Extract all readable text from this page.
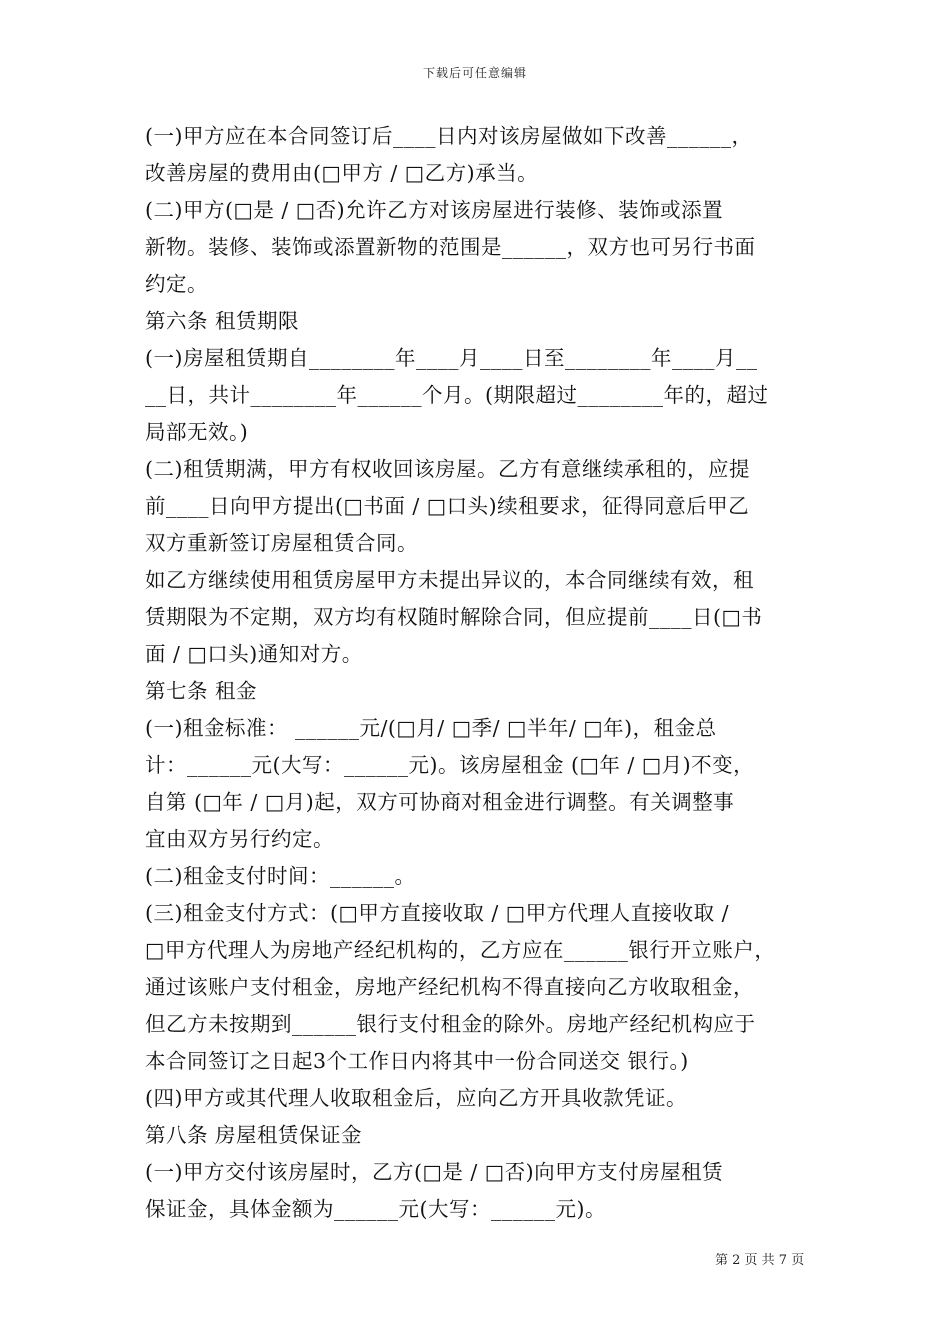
下载后可任意编辑
(一)甲方应在本合同签订后____日内对该房屋做如下改善______，
改善房屋的费用由(□甲方 / □乙方)承当。
(二)甲方(□是 / □否)允许乙方对该房屋进行装修、装饰或添置
新物。装修、装饰或添置新物的范围是______，双方也可另行书面
约定。
第六条 租赁期限
(一)房屋租赁期自________年____月____日至________年____月__
__日，共计________年______个月。(期限超过________年的，超过
局部无效。)
(二)租赁期满，甲方有权收回该房屋。乙方有意继续承租的，应提
前____日向甲方提出(□书面 / □口头)续租要求，征得同意后甲乙
双方重新签订房屋租赁合同。
如乙方继续使用租赁房屋甲方未提出异议的，本合同继续有效，租
赁期限为不定期，双方均有权随时解除合同，但应提前____日(□书
面 / □口头)通知对方。
第七条 租金
(一)租金标准： ______元/(□月/ □季/ □半年/ □年)，租金总
计：______元(大写：______元)。该房屋租金 (□年 / □月)不变，
自第 (□年 / □月)起，双方可协商对租金进行调整。有关调整事
宜由双方另行约定。
(二)租金支付时间：______。
(三)租金支付方式：(□甲方直接收取 / □甲方代理人直接收取 /
□甲方代理人为房地产经纪机构的，乙方应在______银行开立账户，
通过该账户支付租金，房地产经纪机构不得直接向乙方收取租金，
但乙方未按期到______银行支付租金的除外。房地产经纪机构应于
本合同签订之日起3个工作日内将其中一份合同送交 银行。)
(四)甲方或其代理人收取租金后，应向乙方开具收款凭证。
第八条 房屋租赁保证金
(一)甲方交付该房屋时，乙方(□是 / □否)向甲方支付房屋租赁
保证金，具体金额为______元(大写：______元)。
第 2 页 共 7 页
